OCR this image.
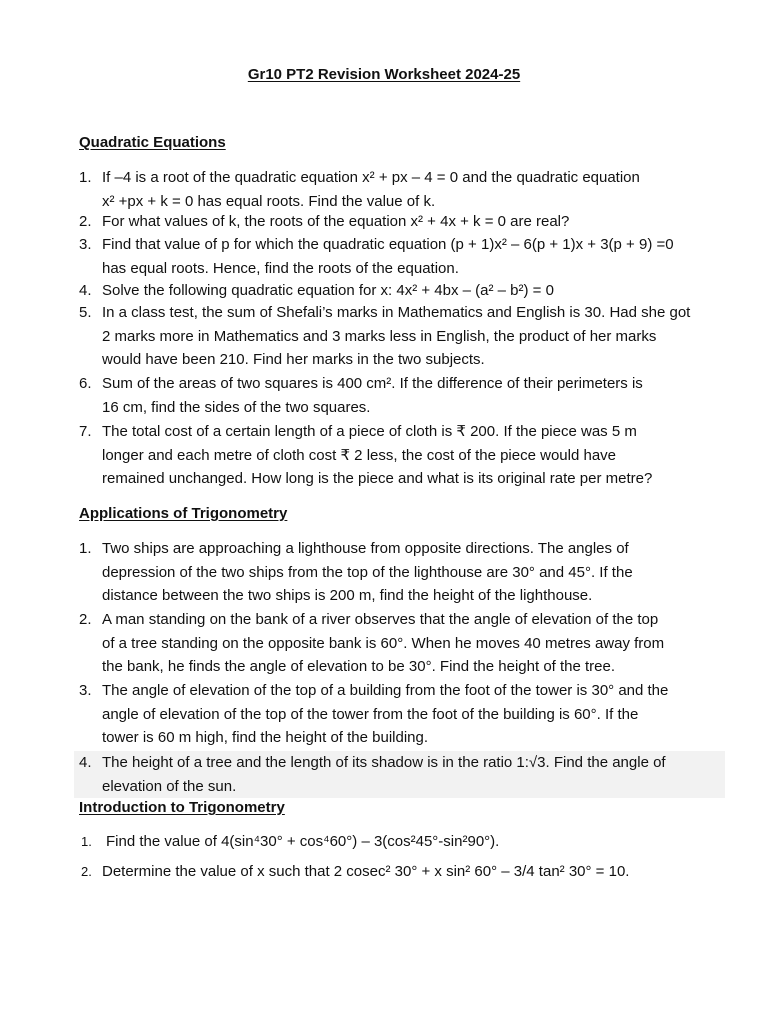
Gr10 PT2 Revision Worksheet 2024-25
Quadratic Equations
1. If –4 is a root of the quadratic equation x² + px – 4 = 0 and the quadratic equation
x² +px + k = 0 has equal roots. Find the value of k.
2. For what values of k, the roots of the equation x² + 4x + k = 0 are real?
3. Find that value of p for which the quadratic equation (p + 1)x² – 6(p + 1)x + 3(p + 9) =0
has equal roots. Hence, find the roots of the equation.
4. Solve the following quadratic equation for x: 4x² + 4bx – (a² – b²) = 0
5. In a class test, the sum of Shefali’s marks in Mathematics and English is 30. Had she got
2 marks more in Mathematics and 3 marks less in English, the product of her marks
would have been 210. Find her marks in the two subjects.
6. Sum of the areas of two squares is 400 cm². If the difference of their perimeters is
16 cm, find the sides of the two squares.
7. The total cost of a certain length of a piece of cloth is ₹ 200. If the piece was 5 m
longer and each metre of cloth cost ₹ 2 less, the cost of the piece would have
remained unchanged. How long is the piece and what is its original rate per metre?
Applications of Trigonometry
1. Two ships are approaching a lighthouse from opposite directions. The angles of
depression of the two ships from the top of the lighthouse are 30° and 45°. If the
distance between the two ships is 200 m, find the height of the lighthouse.
2. A man standing on the bank of a river observes that the angle of elevation of the top
of a tree standing on the opposite bank is 60°. When he moves 40 metres away from
the bank, he finds the angle of elevation to be 30°. Find the height of the tree.
3. The angle of elevation of the top of a building from the foot of the tower is 30° and the
angle of elevation of the top of the tower from the foot of the building is 60°. If the
tower is 60 m high, find the height of the building.
4. The height of a tree and the length of its shadow is in the ratio 1:√3. Find the angle of
elevation of the sun.
Introduction to Trigonometry
1. Find the value of 4(sin⁴30° + cos⁴60°) – 3(cos²45°-sin²90°).
2. Determine the value of x such that 2 cosec² 30° + x sin² 60° – 3/4 tan² 30° = 10.
